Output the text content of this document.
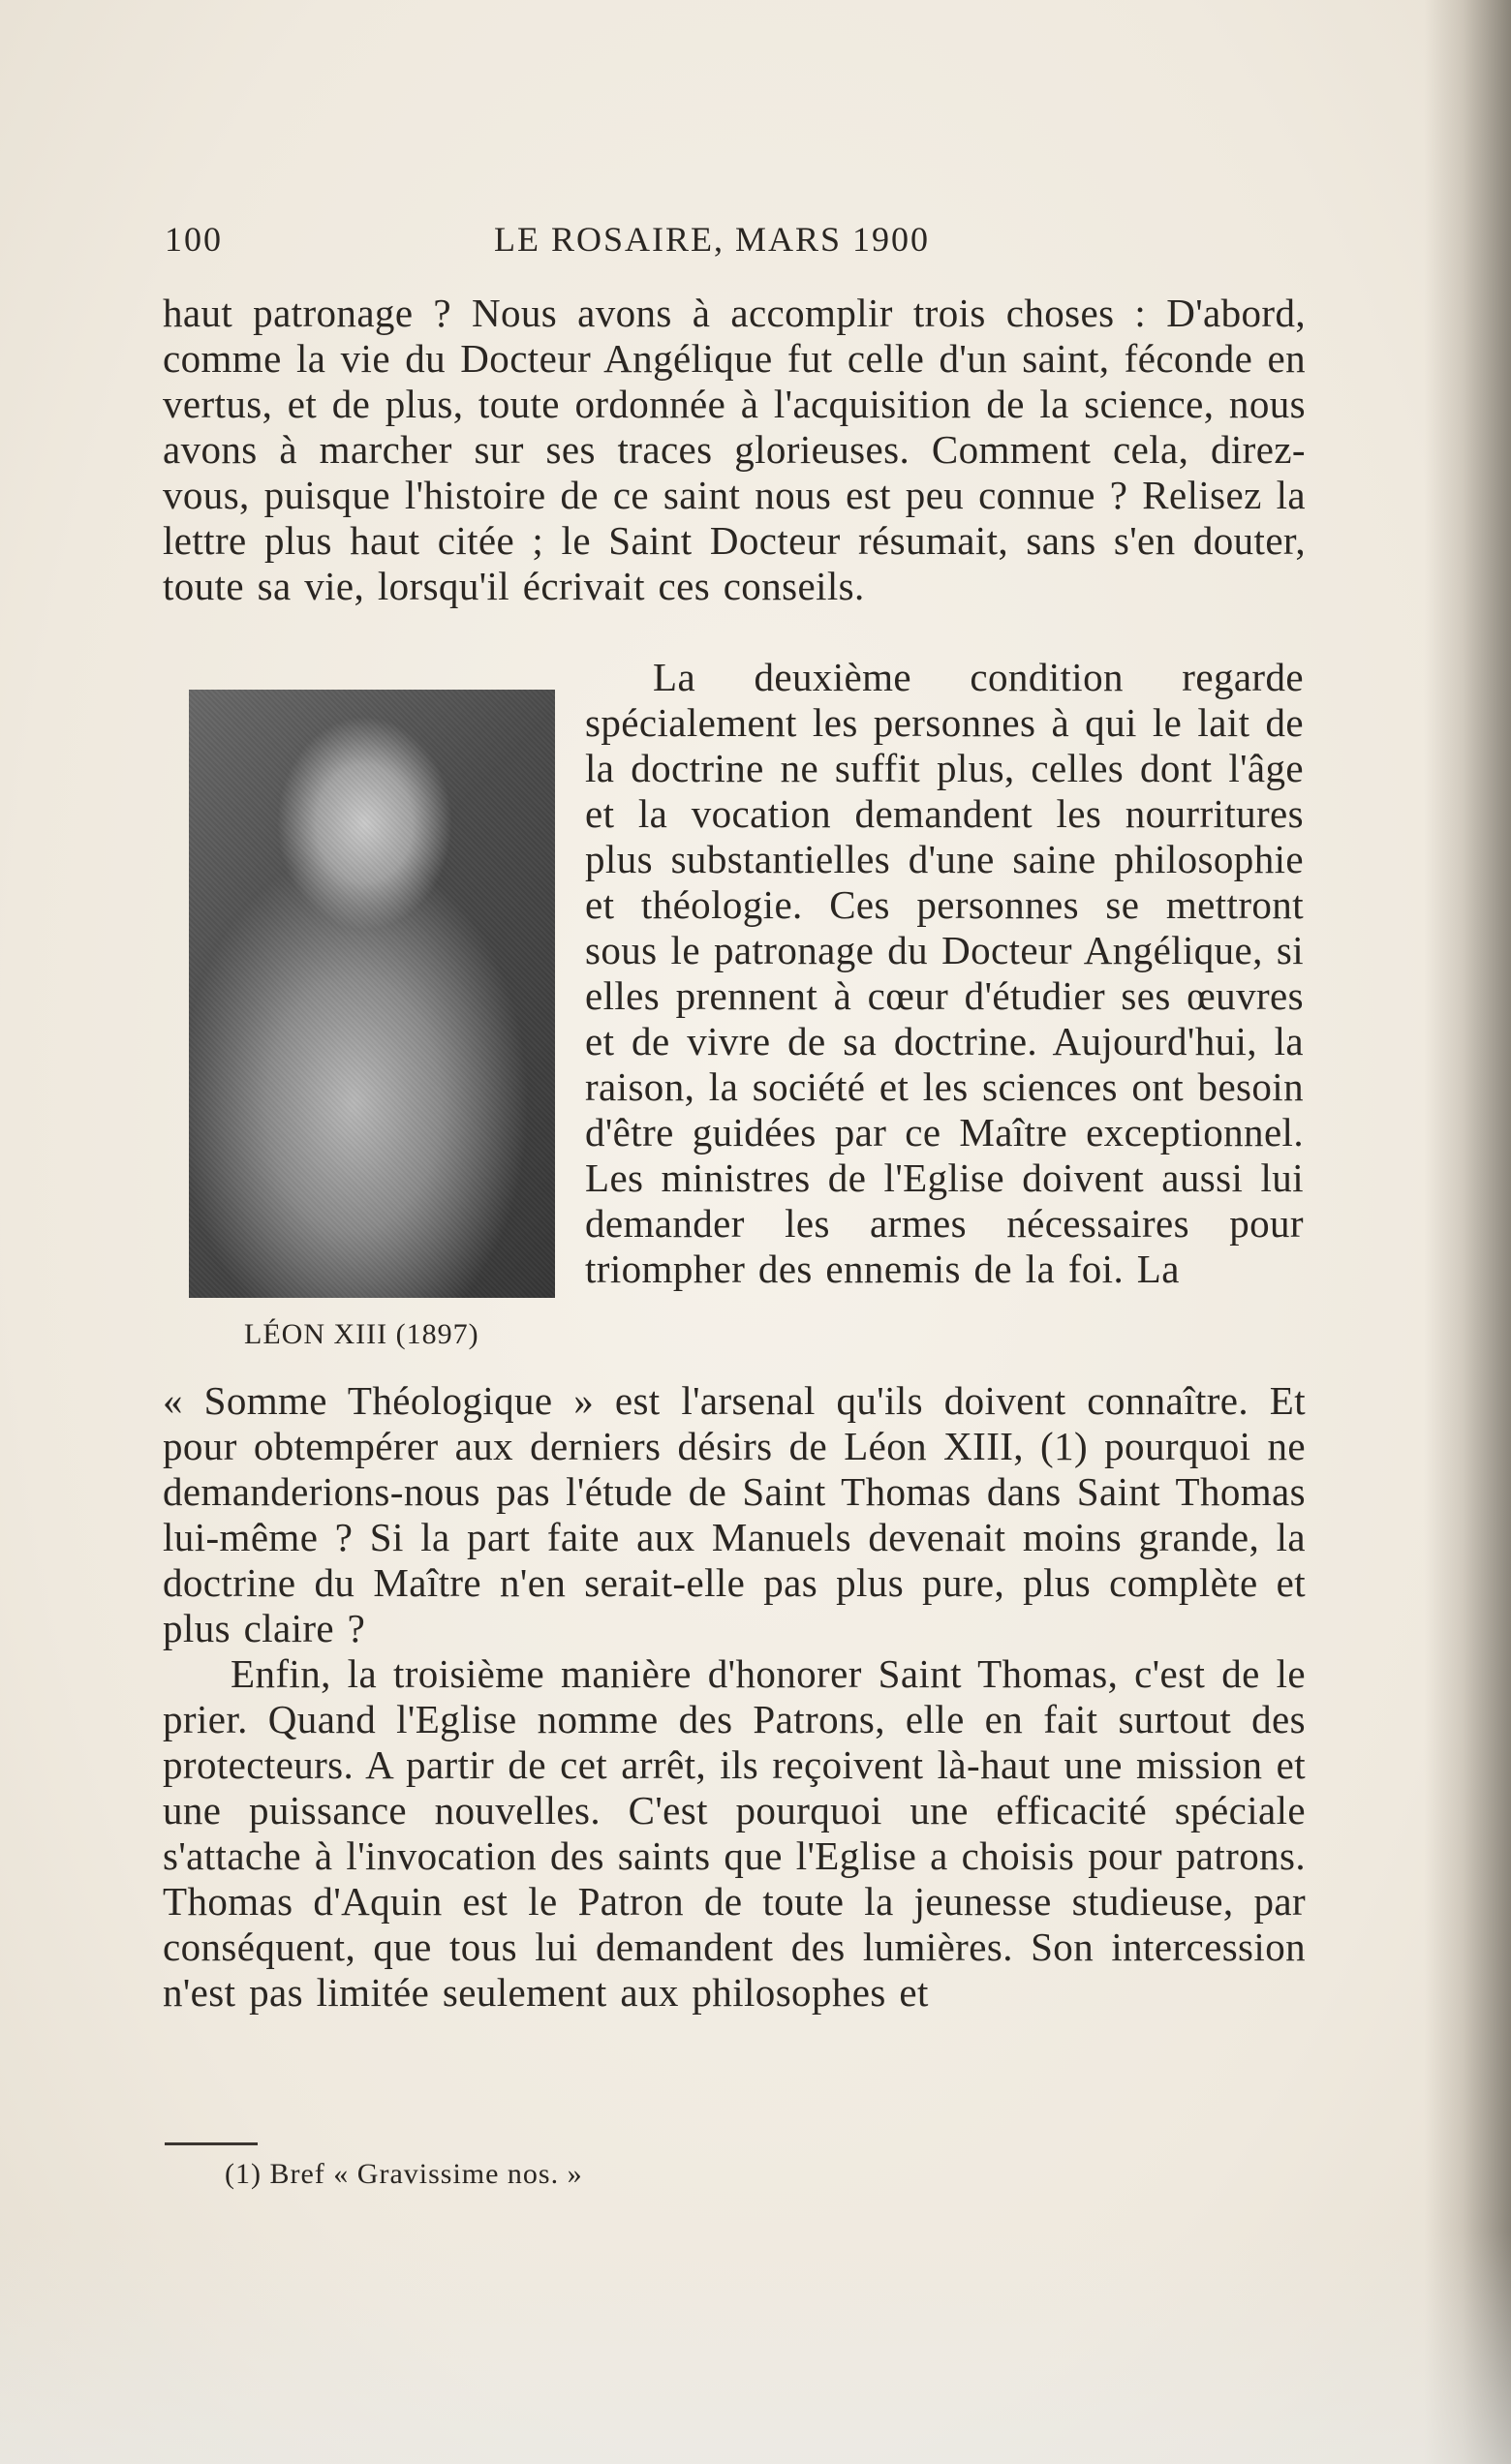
100	LE ROSAIRE, MARS 1900

haut patronage ? Nous avons à accomplir trois choses : D'abord, comme la vie du Docteur Angélique fut celle d'un saint, féconde en vertus, et de plus, toute ordonnée à l'acquisition de la science, nous avons à marcher sur ses traces glorieuses. Comment cela, direz-vous, puisque l'histoire de ce saint nous est peu connue ? Relisez la lettre plus haut citée ; le Saint Docteur résumait, sans s'en douter, toute sa vie, lorsqu'il écrivait ces conseils.

LÉON XIII (1897)

La deuxième condition regarde spécialement les personnes à qui le lait de la doctrine ne suffit plus, celles dont l'âge et la vocation demandent les nourritures plus substantielles d'une saine philosophie et théologie. Ces personnes se mettront sous le patronage du Docteur Angélique, si elles prennent à cœur d'étudier ses œuvres et de vivre de sa doctrine. Aujourd'hui, la raison, la société et les sciences ont besoin d'être guidées par ce Maître exceptionnel. Les ministres de l'Eglise doivent aussi lui demander les armes nécessaires pour triompher des ennemis de la foi. La

« Somme Théologique » est l'arsenal qu'ils doivent connaître. Et pour obtempérer aux derniers désirs de Léon XIII, (1) pourquoi ne demanderions-nous pas l'étude de Saint Thomas dans Saint Thomas lui-même ? Si la part faite aux Manuels devenait moins grande, la doctrine du Maître n'en serait-elle pas plus pure, plus complète et plus claire ?

Enfin, la troisième manière d'honorer Saint Thomas, c'est de le prier. Quand l'Eglise nomme des Patrons, elle en fait surtout des protecteurs. A partir de cet arrêt, ils reçoivent là-haut une mission et une puissance nouvelles. C'est pourquoi une efficacité spéciale s'attache à l'invocation des saints que l'Eglise a choisis pour patrons. Thomas d'Aquin est le Patron de toute la jeunesse studieuse, par conséquent, que tous lui demandent des lumières. Son intercession n'est pas limitée seulement aux philosophes et

(1) Bref « Gravissime nos. »
